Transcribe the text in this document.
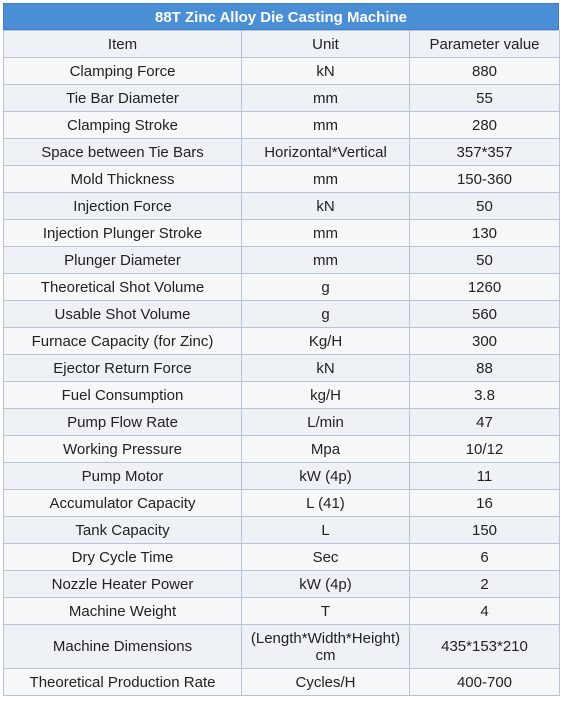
88T Zinc Alloy Die Casting Machine
Item	Unit	Parameter value
Clamping Force	kN	880
Tie Bar Diameter	mm	55
Clamping Stroke	mm	280
Space between Tie Bars	Horizontal*Vertical	357*357
Mold Thickness	mm	150-360
Injection Force	kN	50
Injection Plunger Stroke	mm	130
Plunger Diameter	mm	50
Theoretical Shot Volume	g	1260
Usable Shot Volume	g	560
Furnace Capacity (for Zinc)	Kg/H	300
Ejector Return Force	kN	88
Fuel Consumption	kg/H	3.8
Pump Flow Rate	L/min	47
Working Pressure	Mpa	10/12
Pump Motor	kW (4p)	11
Accumulator Capacity	L (41)	16
Tank Capacity	L	150
Dry Cycle Time	Sec	6
Nozzle Heater Power	kW (4p)	2
Machine Weight	T	4
Machine Dimensions	(Length*Width*Height) cm	435*153*210
Theoretical Production Rate	Cycles/H	400-700
